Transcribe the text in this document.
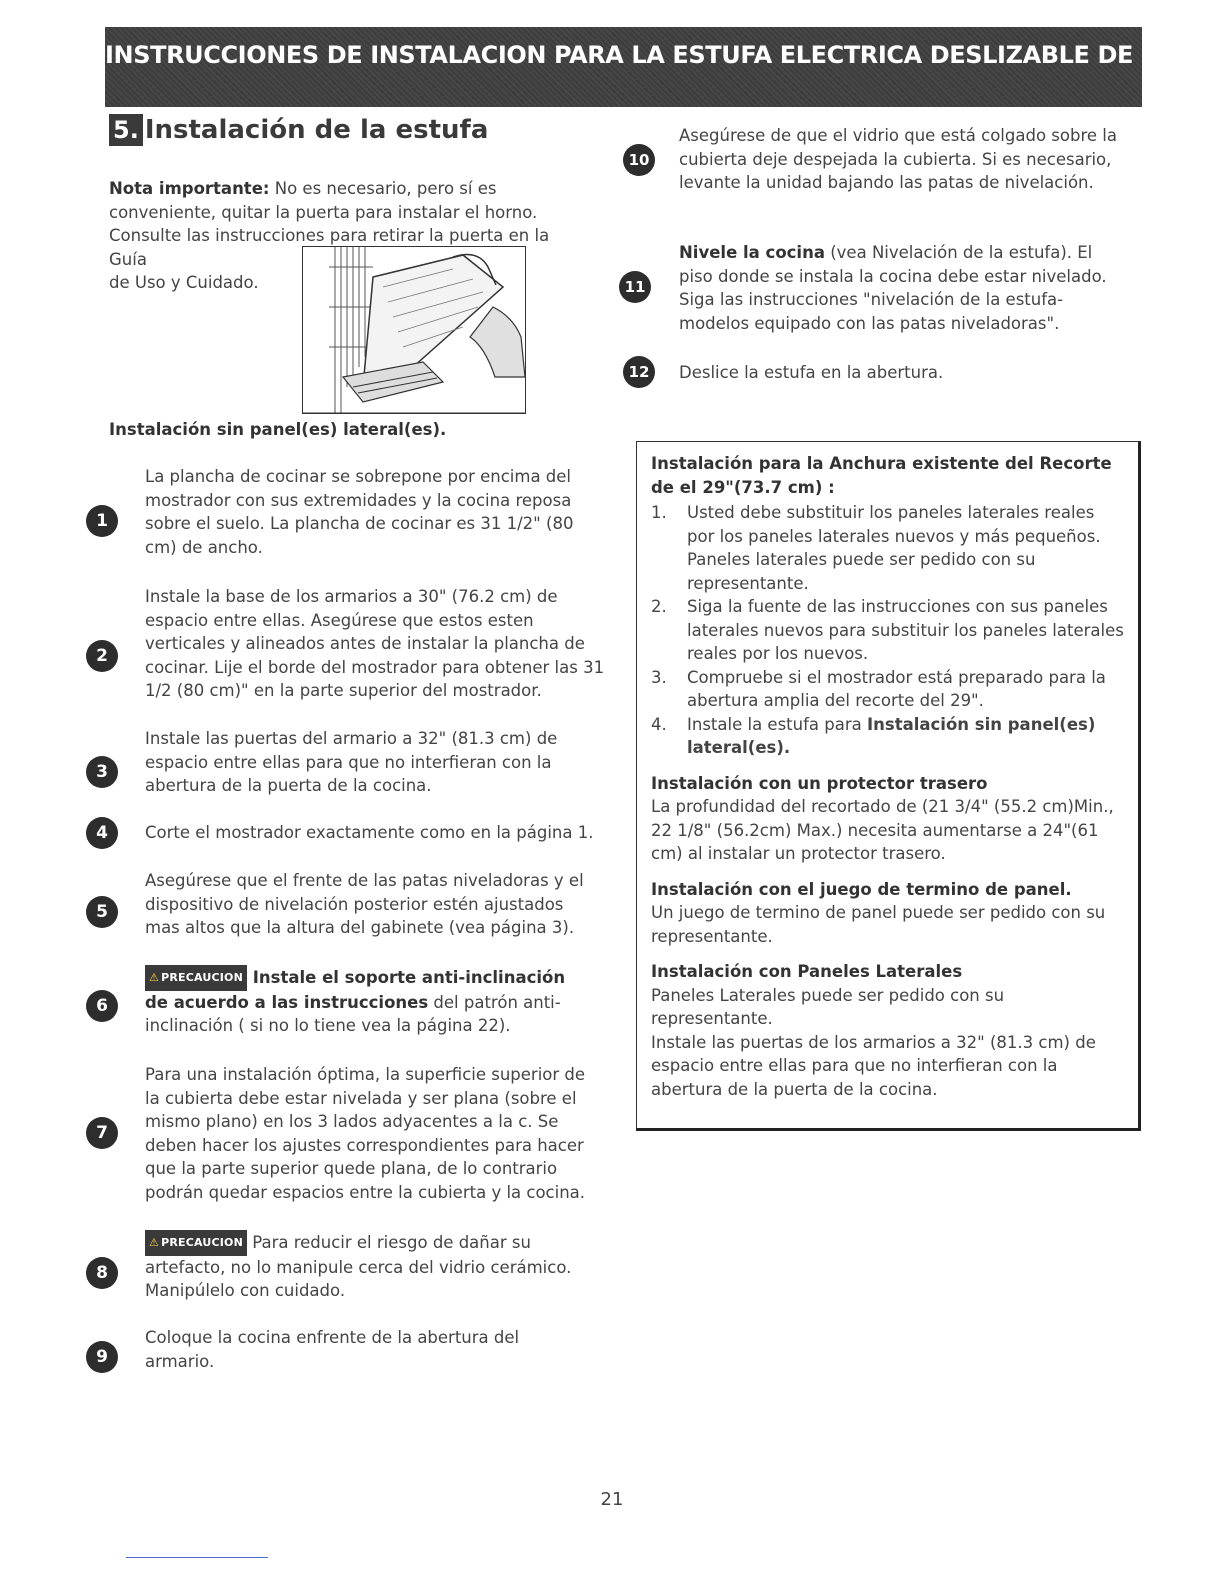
INSTRUCCIONES DE INSTALACION PARA LA ESTUFA ELECTRICA DESLIZABLE DE 30"
5. Instalación de la estufa
Nota importante: No es necesario, pero sí es
conveniente, quitar la puerta para instalar el horno.
Consulte las instrucciones para retirar la puerta en la Guía
de Uso y Cuidado.
Instalación sin panel(es) lateral(es).
1
La plancha de cocinar se sobrepone por encima del
mostrador con sus extremidades y la cocina reposa
sobre el suelo. La plancha de cocinar es 31 1/2" (80
cm) de ancho.
2
Instale la base de los armarios a 30" (76.2 cm) de
espacio entre ellas. Asegúrese que estos esten
verticales y alineados antes de instalar la plancha de
cocinar. Lije el borde del mostrador para obtener las 31
1/2 (80 cm)" en la parte superior del mostrador.
3
Instale las puertas del armario a 32" (81.3 cm) de
espacio entre ellas para que no interfieran con la
abertura de la puerta de la cocina.
4	Corte el mostrador exactamente como en la página 1.
5
Asegúrese que el frente de las patas niveladoras y el
dispositivo de nivelación posterior estén ajustados
mas altos que la altura del gabinete (vea página 3).
6
⚠ PRECAUCION Instale el soporte anti-inclinación
de acuerdo a las instrucciones del patrón anti-
inclinación ( si no lo tiene vea la página 22).
7
Para una instalación óptima, la superficie superior de
la cubierta debe estar nivelada y ser plana (sobre el
mismo plano) en los 3 lados adyacentes a la c. Se
deben hacer los ajustes correspondientes para hacer
que la parte superior quede plana, de lo contrario
podrán quedar espacios entre la cubierta y la cocina.
8
⚠ PRECAUCION Para reducir el riesgo de dañar su
artefacto, no lo manipule cerca del vidrio cerámico.
Manipúlelo con cuidado.
9
Coloque la cocina enfrente de la abertura del
armario.
10
Asegúrese de que el vidrio que está colgado sobre la
cubierta deje despejada la cubierta. Si es necesario,
levante la unidad bajando las patas de nivelación.
11
Nivele la cocina (vea Nivelación de la estufa). El
piso donde se instala la cocina debe estar nivelado.
Siga las instrucciones "nivelación de la estufa-
modelos equipado con las patas niveladoras".
12	Deslice la estufa en la abertura.
Instalación para la Anchura existente del Recorte
de el 29"(73.7 cm) :
1. Usted debe substituir los paneles laterales reales por los paneles laterales nuevos y más pequeños. Paneles laterales puede ser pedido con su representante.
2. Siga la fuente de las instrucciones con sus paneles laterales nuevos para substituir los paneles laterales reales por los nuevos.
3. Compruebe si el mostrador está preparado para la abertura amplia del recorte del 29".
4. Instale la estufa para Instalación sin panel(es) lateral(es).
Instalación con un protector trasero

La profundidad del recortado de (21 3/4" (55.2 cm)Min., 22 1/8" (56.2cm) Max.) necesita aumentarse a 24"(61 cm) al instalar un protector trasero.

Instalación con el juego de termino de panel.

Un juego de termino de panel puede ser pedido con su representante.

Instalación con Paneles Laterales

Paneles Laterales puede ser pedido con su representante.

Instale las puertas de los armarios a 32" (81.3 cm) de espacio entre ellas para que no interfieran con la abertura de la puerta de la cocina.

21
